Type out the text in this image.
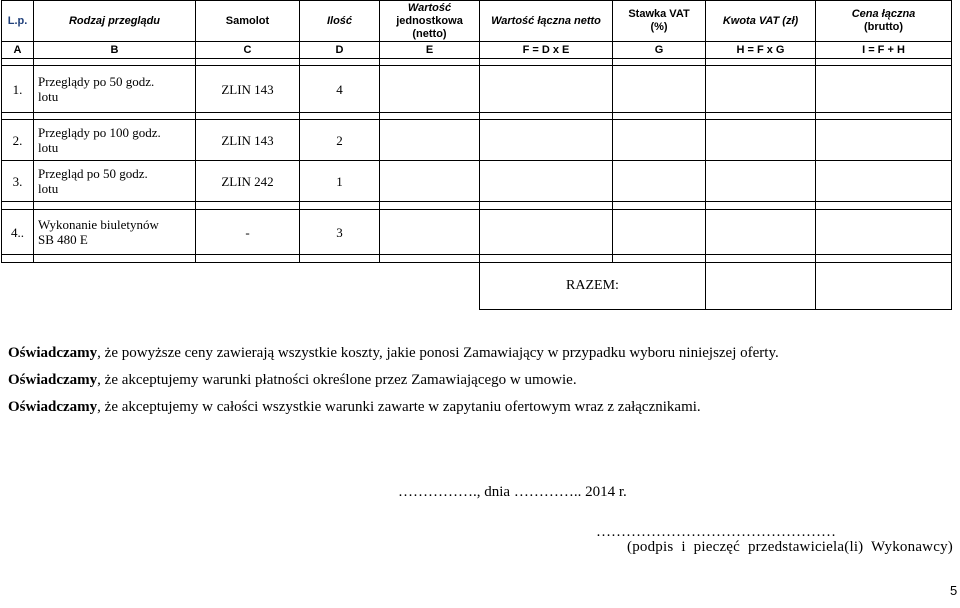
L.p.	Rodzaj przeglądu	Samolot	Ilość	Wartość
jednostkowa
(netto)	Wartość łączna netto	Stawka VAT
(%)	Kwota VAT (zł)	Cena łączna
(brutto)
A	B	C	D	E	F = D x E	G	H = F x G	I = F + H

1.	Przeglądy po 50 godz.
lotu	ZLIN 143	4					

2.	Przeglądy po 100 godz.
lotu	ZLIN 143	2					
3.	Przegląd po 50 godz.
lotu	ZLIN 242	1					

4..	Wykonanie biuletynów
SB 480 E	-	3					

					RAZEM:			
Oświadczamy, że powyższe ceny zawierają wszystkie koszty, jakie ponosi Zamawiający w przypadku wyboru niniejszej oferty.
Oświadczamy, że akceptujemy warunki płatności określone przez Zamawiającego w umowie.
Oświadczamy, że akceptujemy w całości wszystkie warunki zawarte w zapytaniu ofertowym wraz z załącznikami.
……………., dnia ………….. 2014 r.
…………………………………………
(podpis i pieczęć przedstawiciela(li) Wykonawcy)
5
